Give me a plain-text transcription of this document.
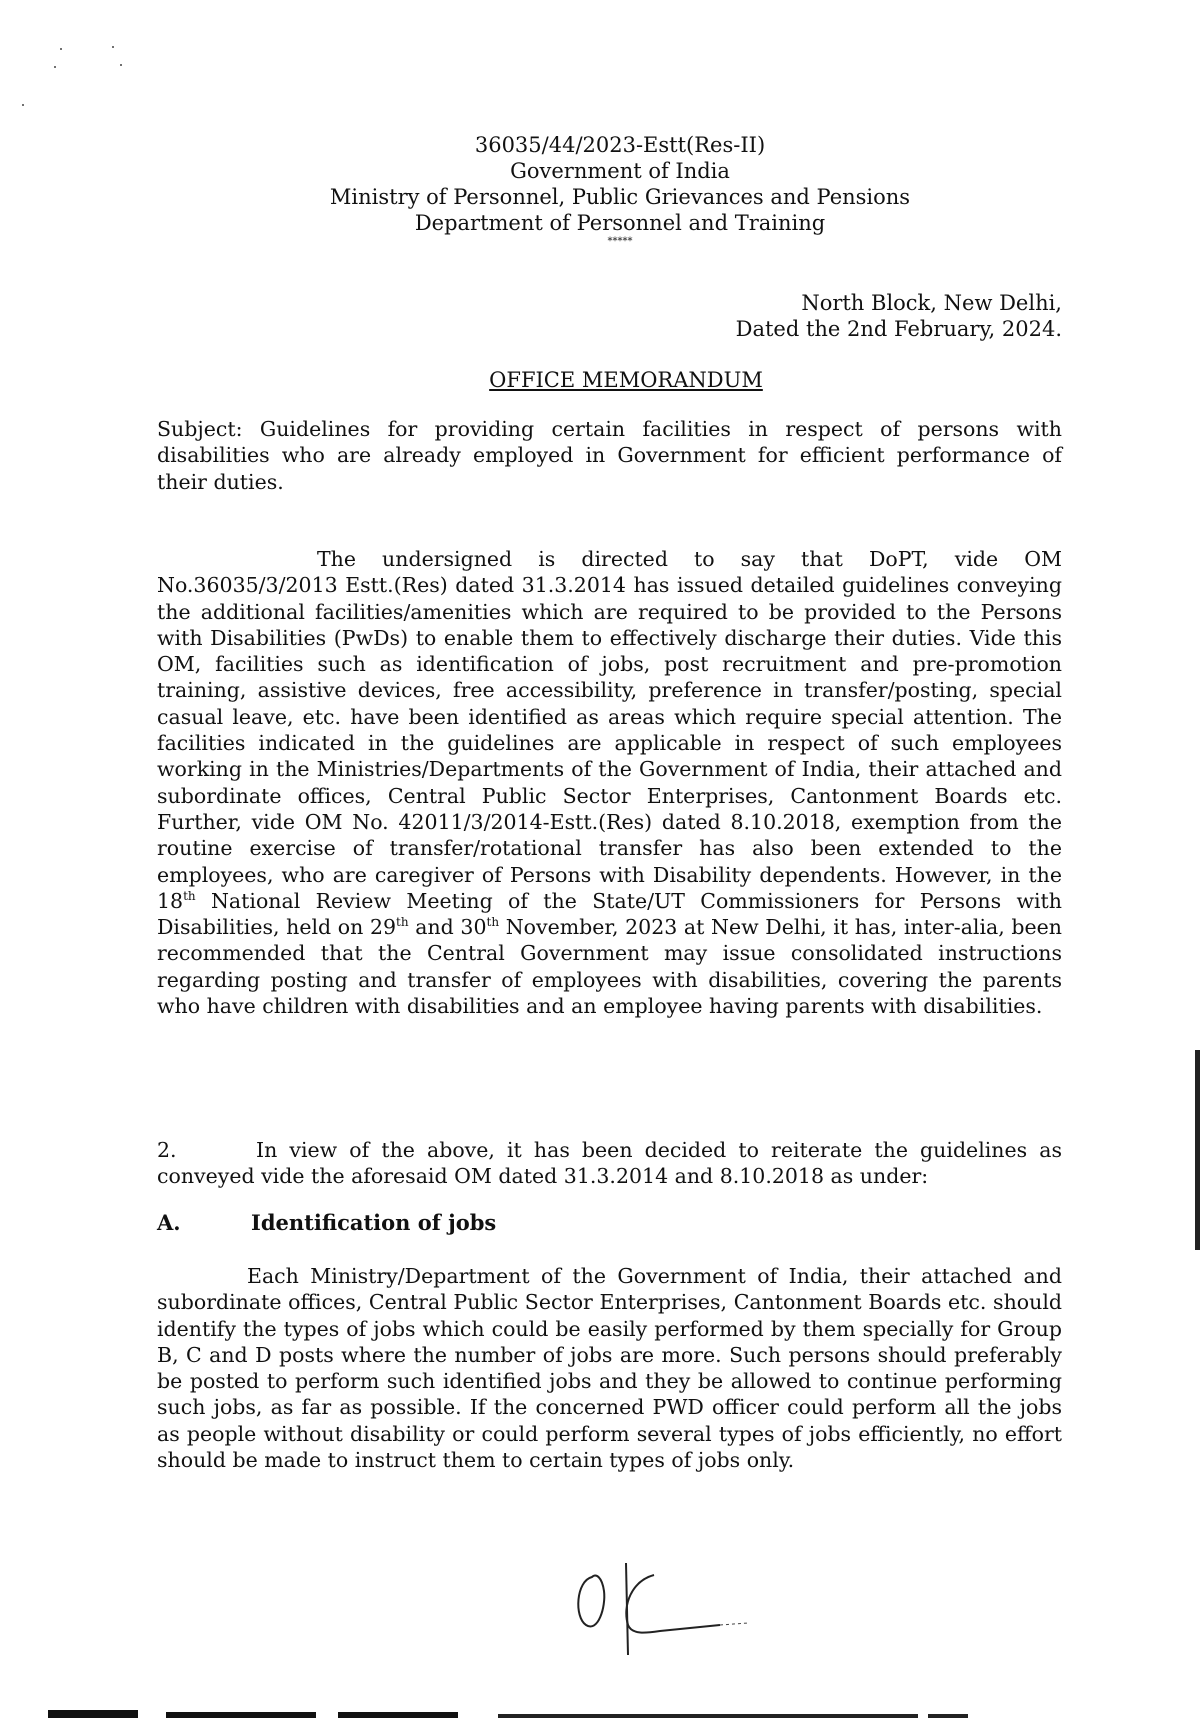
36035/44/2023-Estt(Res-II)
Government of India
Ministry of Personnel, Public Grievances and Pensions
Department of Personnel and Training
*****
North Block, New Delhi,
Dated the 2nd February, 2024.
OFFICE MEMORANDUM
Subject: Guidelines for providing certain facilities in respect of persons with disabilities who are already employed in Government for efficient performance of their duties.
The undersigned is directed to say that DoPT, vide OM No.36035/3/2013 Estt.(Res) dated 31.3.2014 has issued detailed guidelines conveying the additional facilities/amenities which are required to be provided to the Persons with Disabilities (PwDs) to enable them to effectively discharge their duties. Vide this OM, facilities such as identification of jobs, post recruitment and pre-promotion training, assistive devices, free accessibility, preference in transfer/posting, special casual leave, etc. have been identified as areas which require special attention. The facilities indicated in the guidelines are applicable in respect of such employees working in the Ministries/Departments of the Government of India, their attached and subordinate offices, Central Public Sector Enterprises, Cantonment Boards etc. Further, vide OM No. 42011/3/2014-Estt.(Res) dated 8.10.2018, exemption from the routine exercise of transfer/rotational transfer has also been extended to the employees, who are caregiver of Persons with Disability dependents. However, in the 18th National Review Meeting of the State/UT Commissioners for Persons with Disabilities, held on 29th and 30th November, 2023 at New Delhi, it has, inter-alia, been recommended that the Central Government may issue consolidated instructions regarding posting and transfer of employees with disabilities, covering the parents who have children with disabilities and an employee having parents with disabilities.
2.	In view of the above, it has been decided to reiterate the guidelines as conveyed vide the aforesaid OM dated 31.3.2014 and 8.10.2018 as under:
A.	Identification of jobs
Each Ministry/Department of the Government of India, their attached and subordinate offices, Central Public Sector Enterprises, Cantonment Boards etc. should identify the types of jobs which could be easily performed by them specially for Group B, C and D posts where the number of jobs are more. Such persons should preferably be posted to perform such identified jobs and they be allowed to continue performing such jobs, as far as possible. If the concerned PWD officer could perform all the jobs as people without disability or could perform several types of jobs efficiently, no effort should be made to instruct them to certain types of jobs only.
